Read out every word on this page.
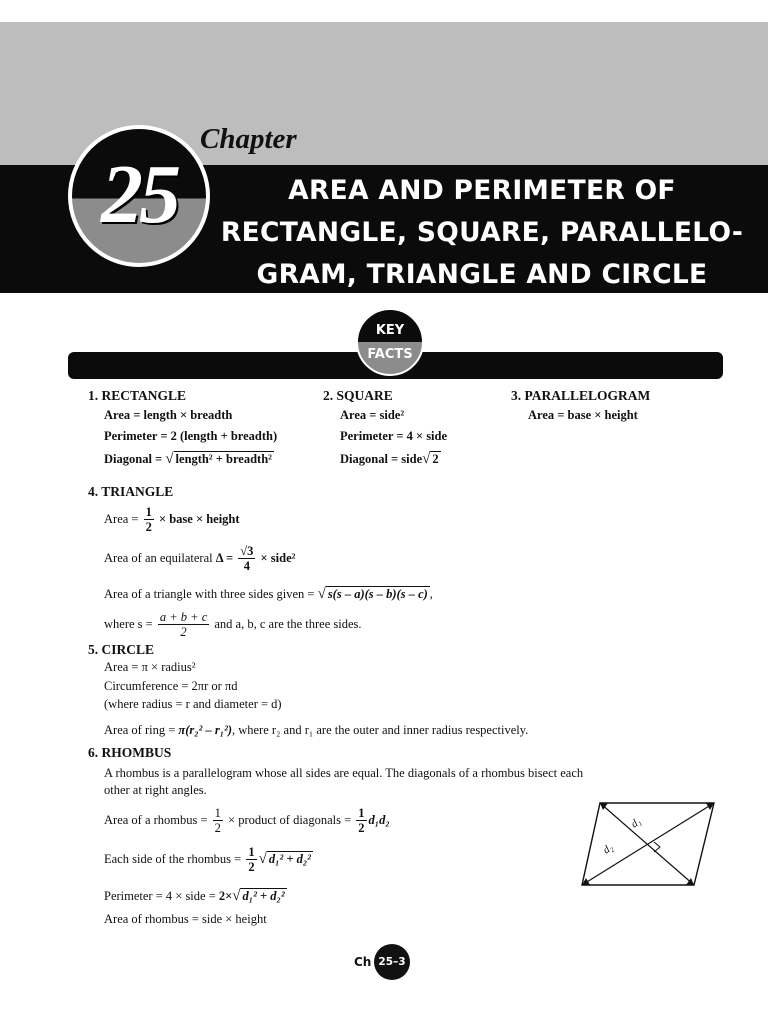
Chapter
25	AREA AND PERIMETER OF
RECTANGLE, SQUARE, PARALLELO-
GRAM, TRIANGLE AND CIRCLE
KEY
FACTS
1. RECTANGLE
Area = length × breadth
Perimeter = 2 (length + breadth)
Diagonal = √ length² + breadth²
2. SQUARE
Area = side²
Perimeter = 4 × side
Diagonal = side√ 2
3. PARALLELOGRAM
Area = base × height
4. TRIANGLE
Area = $\frac{1}{2}$ × base × height
Area of an equilateral $\Delta = \frac{√3}{4}$ × side²
Area of a triangle with three sides given = √ s(s – a)(s – b)(s – c) ,
where $s = \frac{a + b + c}{2}$ and a, b, c are the three sides.
5. CIRCLE
Area = π × radius²
Circumference = 2πr or πd
(where radius = r and diameter = d)
Area of ring = π(r₂² – r₁²), where r₂ and r₁ are the outer and inner radius respectively.
6. RHOMBUS
A rhombus is a parallelogram whose all sides are equal. The diagonals of a rhombus bisect each other at right angles.
Area of a rhombus = $\frac{1}{2}$ × product of diagonals = $\frac{1}{2} d_1d_2$
Each side of the rhombus = $\frac{1}{2}$ √ d₁² + d₂²
Perimeter = 4 × side = 2×√ d₁² + d₂²
Area of rhombus = side × height
d₁
d₂
Ch 25–3
